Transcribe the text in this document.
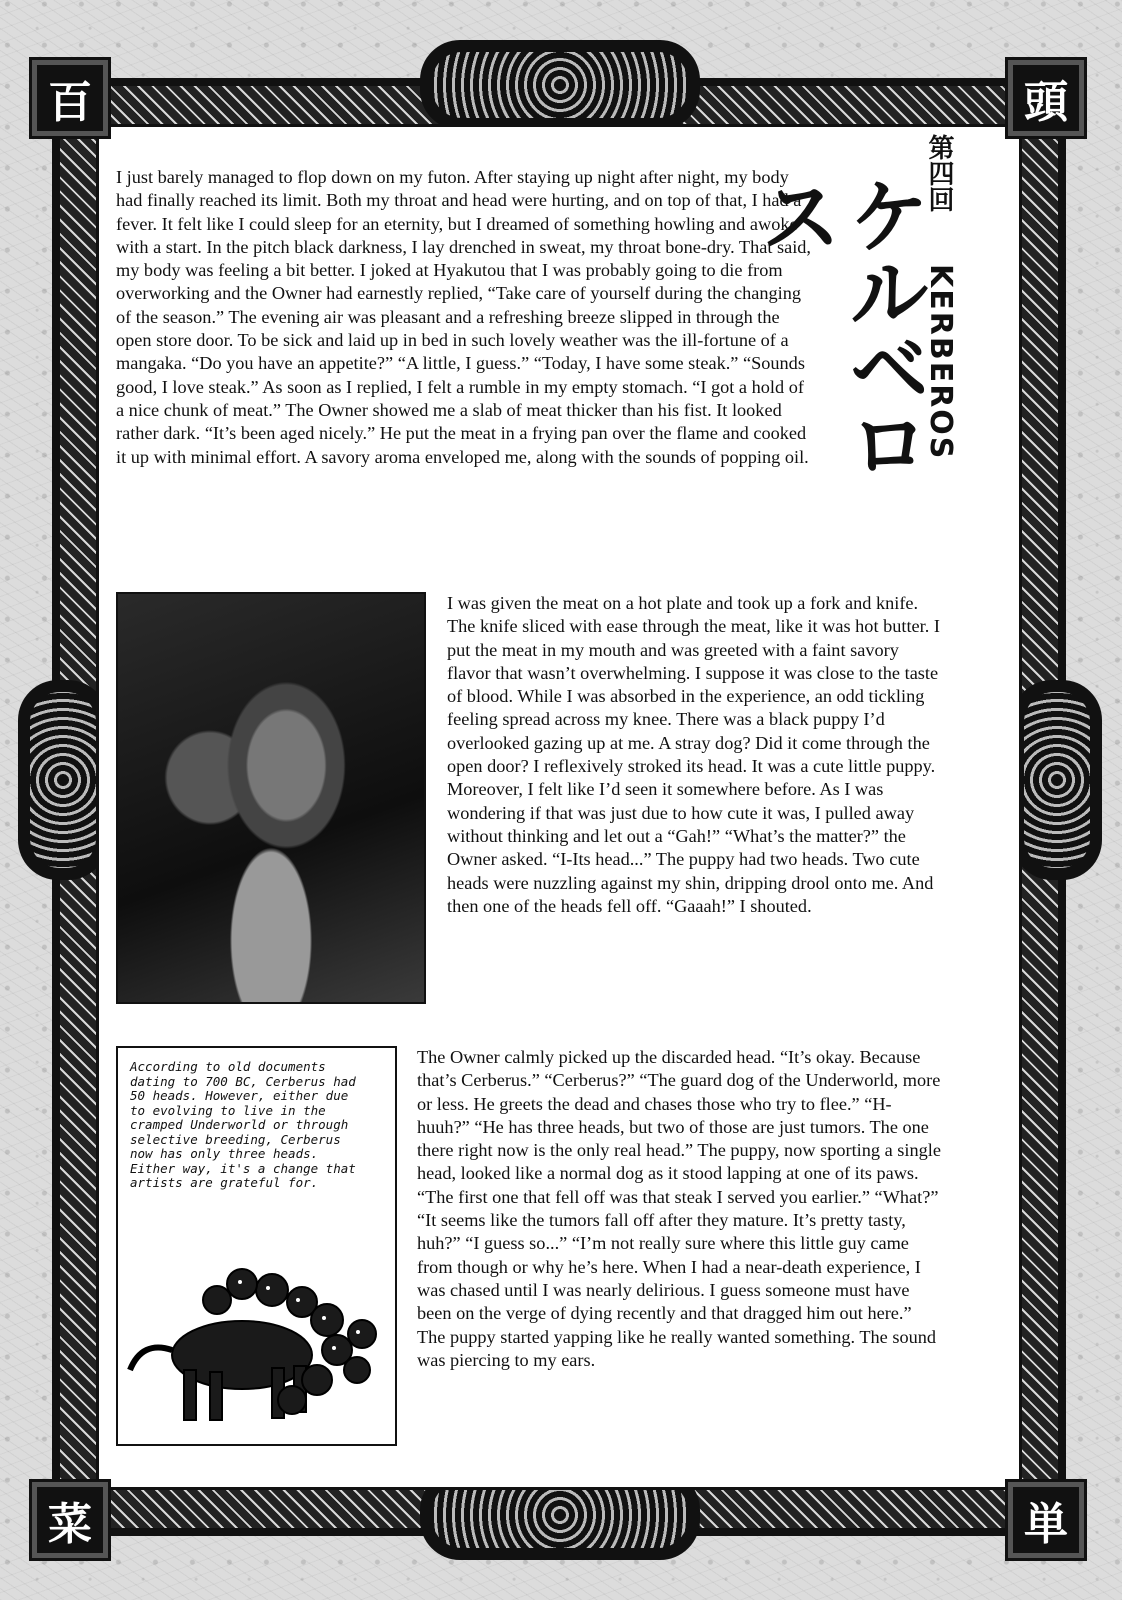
百	頭
菜	単
第四回
ケルベロス
KERBEROS

I just barely managed to flop down on my futon. After staying up night after night, my body had finally reached its limit. Both my throat and head were hurting, and on top of that, I had a fever. It felt like I could sleep for an eternity, but I dreamed of something howling and awoke with a start. In the pitch black darkness, I lay drenched in sweat, my throat bone-dry. That said, my body was feeling a bit better. I joked at Hyakutou that I was probably going to die from overworking and the Owner had earnestly replied, “Take care of yourself during the changing of the season.” The evening air was pleasant and a refreshing breeze slipped in through the open store door. To be sick and laid up in bed in such lovely weather was the ill-fortune of a mangaka. “Do you have an appetite?” “A little, I guess.” “Today, I have some steak.” “Sounds good, I love steak.” As soon as I replied, I felt a rumble in my empty stomach. “I got a hold of a nice chunk of meat.” The Owner showed me a slab of meat thicker than his fist. It looked rather dark. “It’s been aged nicely.” He put the meat in a frying pan over the flame and cooked it up with minimal effort. A savory aroma enveloped me, along with the sounds of popping oil.

I was given the meat on a hot plate and took up a fork and knife. The knife sliced with ease through the meat, like it was hot butter. I put the meat in my mouth and was greeted with a faint savory flavor that wasn’t overwhelming. I suppose it was close to the taste of blood. While I was absorbed in the experience, an odd tickling feeling spread across my knee. There was a black puppy I’d overlooked gazing up at me. A stray dog? Did it come through the open door? I reflexively stroked its head. It was a cute little puppy. Moreover, I felt like I’d seen it somewhere before. As I was wondering if that was just due to how cute it was, I pulled away without thinking and let out a “Gah!” “What’s the matter?” the Owner asked. “I-Its head...” The puppy had two heads. Two cute heads were nuzzling against my shin, dripping drool onto me. And then one of the heads fell off. “Gaaah!” I shouted.

According to old documents dating to 700 BC, Cerberus had 50 heads. However, either due to evolving to live in the cramped Underworld or through selective breeding, Cerberus now has only three heads. Either way, it's a change that artists are grateful for.

The Owner calmly picked up the discarded head. “It’s okay. Because that’s Cerberus.” “Cerberus?” “The guard dog of the Underworld, more or less. He greets the dead and chases those who try to flee.” “H-huuh?” “He has three heads, but two of those are just tumors. The one there right now is the only real head.” The puppy, now sporting a single head, looked like a normal dog as it stood lapping at one of its paws. “The first one that fell off was that steak I served you earlier.” “What?” “It seems like the tumors fall off after they mature. It’s pretty tasty, huh?” “I guess so...” “I’m not really sure where this little guy came from though or why he’s here. When I had a near-death experience, I was chased until I was nearly delirious. I guess someone must have been on the verge of dying recently and that dragged him out here.” The puppy started yapping like he really wanted something. The sound was piercing to my ears.
